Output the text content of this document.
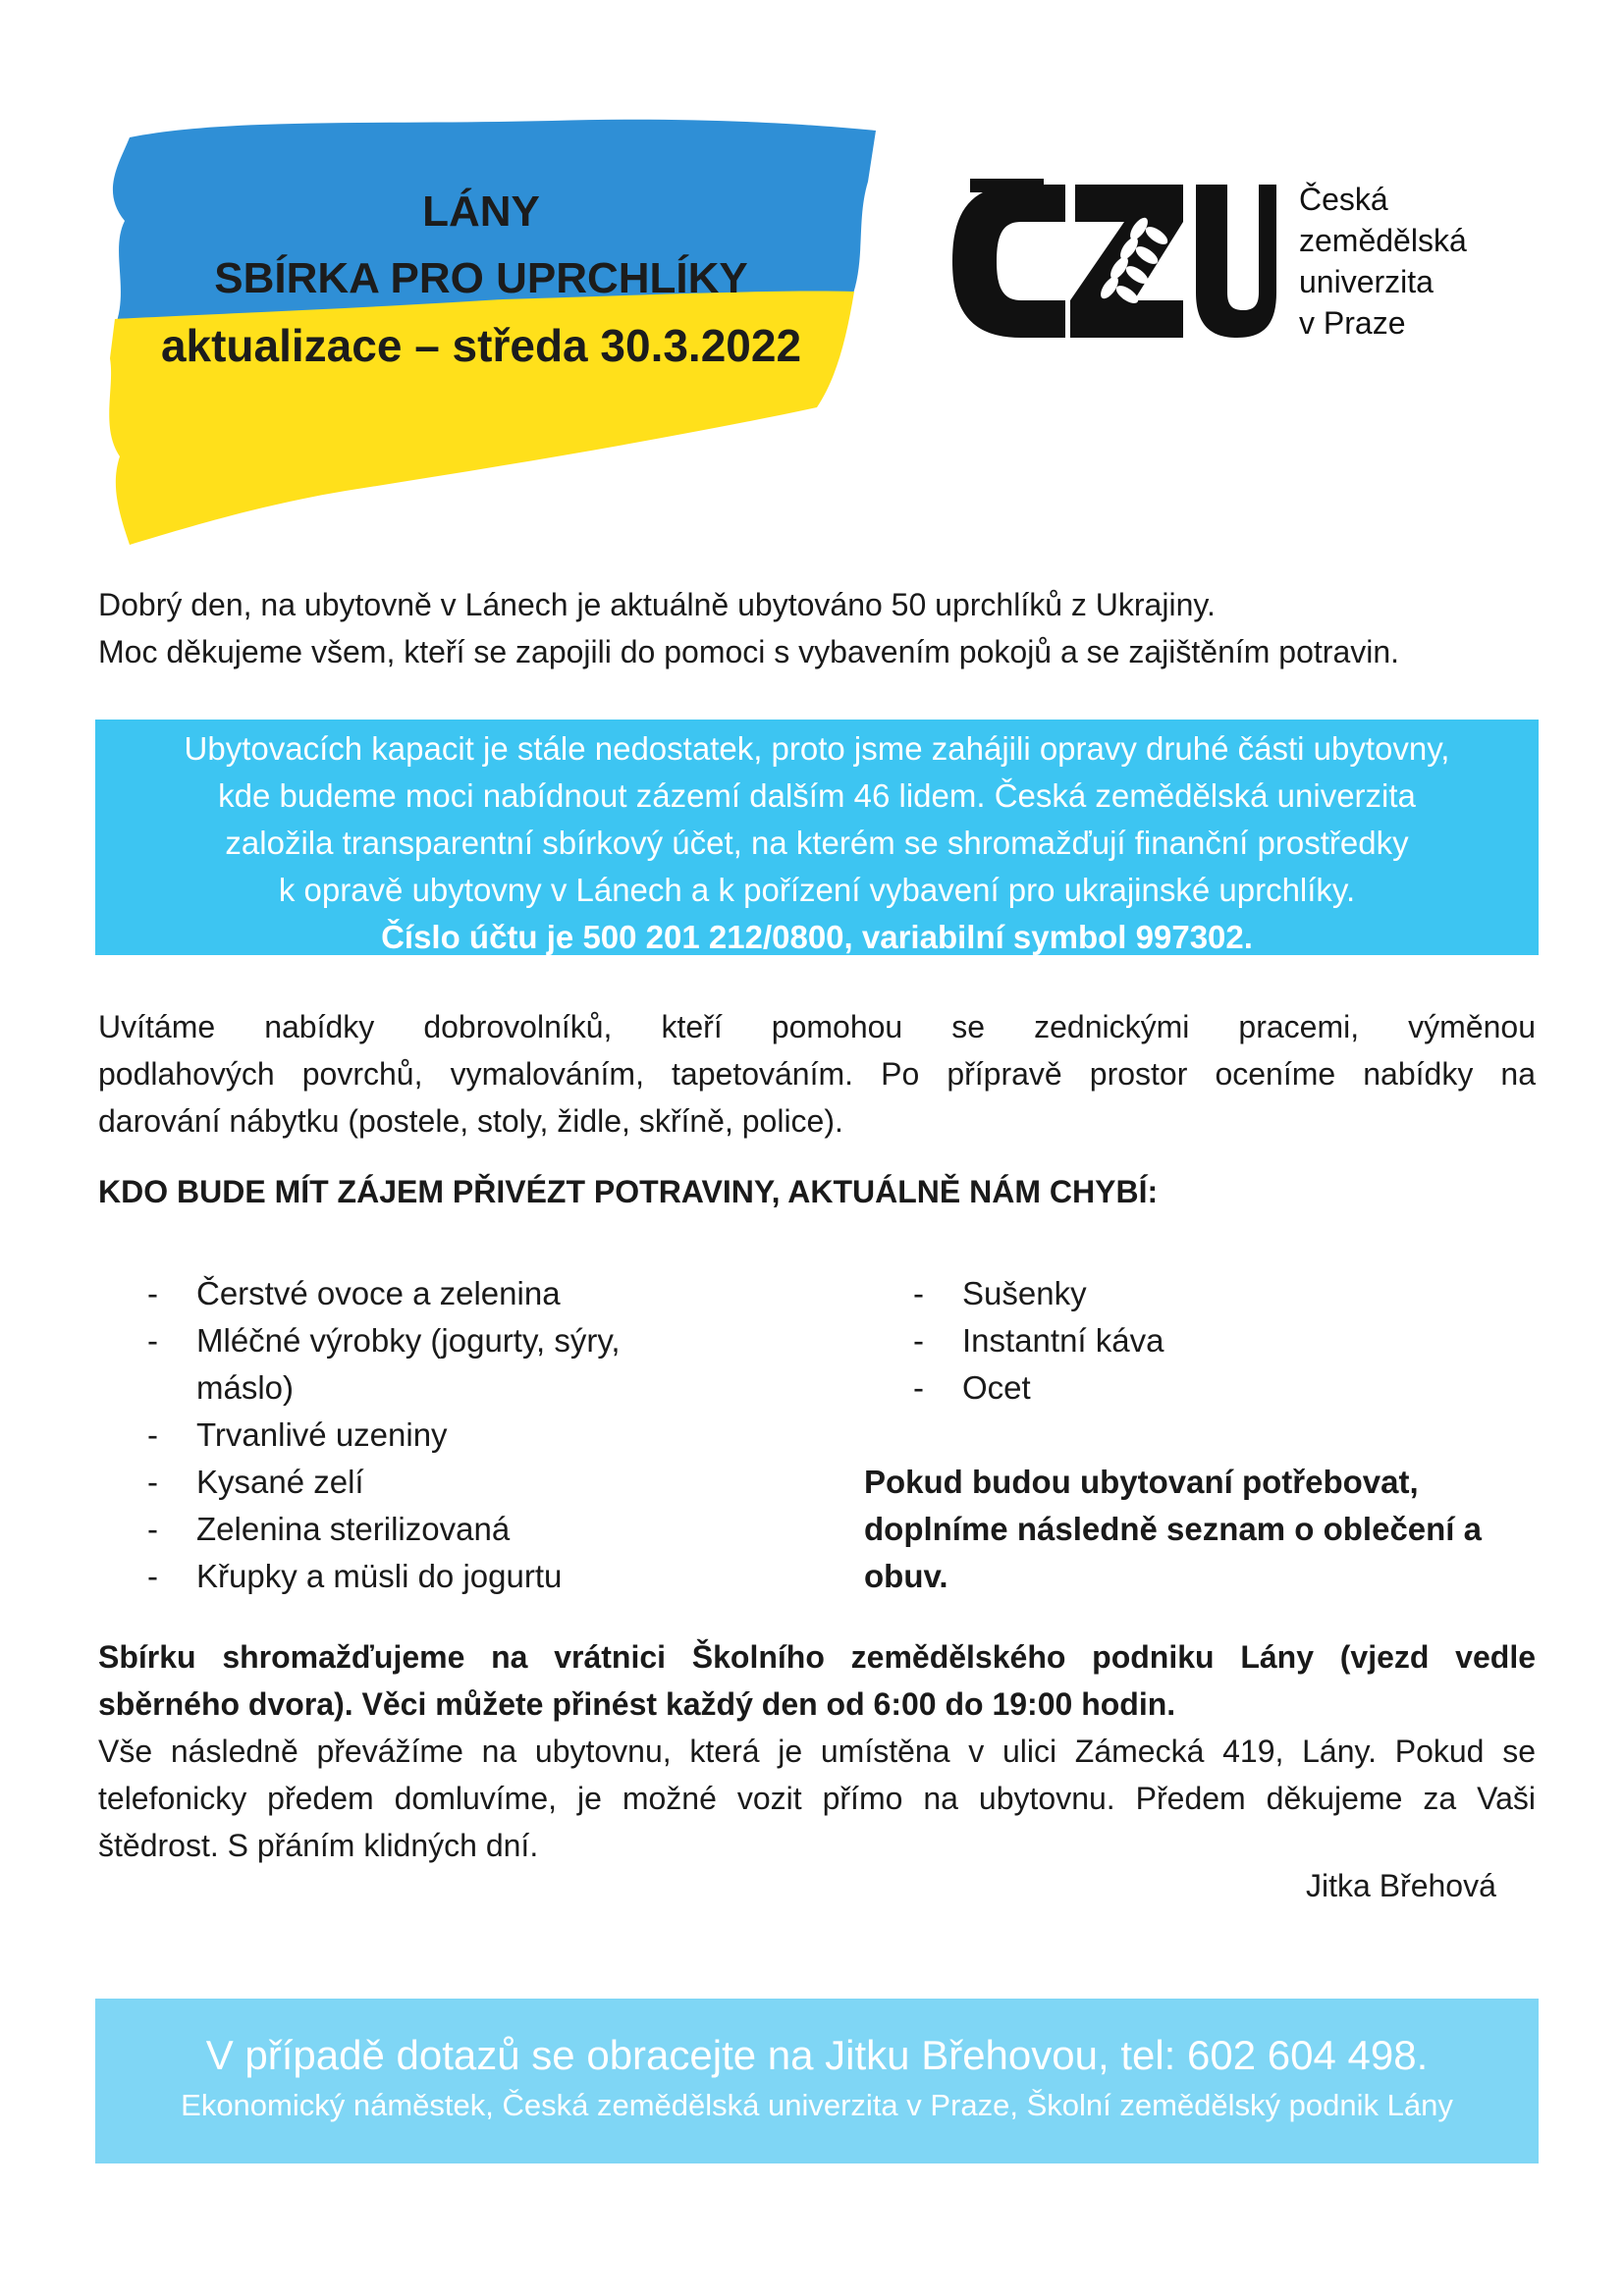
LÁNY
SBÍRKA PRO UPRCHLÍKY
aktualizace – středa 30.3.2022
Česká
zemědělská
univerzita
v Praze
Dobrý den, na ubytovně v Lánech je aktuálně ubytováno 50 uprchlíků z Ukrajiny.
Moc děkujeme všem, kteří se zapojili do pomoci s vybavením pokojů a se zajištěním potravin.
Ubytovacích kapacit je stále nedostatek, proto jsme zahájili opravy druhé části ubytovny,
kde budeme moci nabídnout zázemí dalším 46 lidem. Česká zemědělská univerzita
založila transparentní sbírkový účet, na kterém se shromažďují finanční prostředky
k opravě ubytovny v Lánech a k pořízení vybavení pro ukrajinské uprchlíky.
Číslo účtu je 500 201 212/0800, variabilní symbol 997302.
Uvítáme nabídky dobrovolníků, kteří pomohou se zednickými pracemi, výměnou
podlahových povrchů, vymalováním, tapetováním. Po přípravě prostor oceníme nabídky na
darování nábytku (postele, stoly, židle, skříně, police).
KDO BUDE MÍT ZÁJEM PŘIVÉZT POTRAVINY, AKTUÁLNĚ NÁM CHYBÍ:
- Čerstvé ovoce a zelenina
- Mléčné výrobky (jogurty, sýry,
máslo)
- Trvanlivé uzeniny
- Kysané zelí
- Zelenina sterilizovaná
- Křupky a müsli do jogurtu
- Sušenky
- Instantní káva
- Ocet
Pokud budou ubytovaní potřebovat,
doplníme následně seznam o oblečení a
obuv.
Sbírku shromažďujeme na vrátnici Školního zemědělského podniku Lány (vjezd vedle
sběrného dvora). Věci můžete přinést každý den od 6:00 do 19:00 hodin.
Vše následně převážíme na ubytovnu, která je umístěna v ulici Zámecká 419, Lány. Pokud se
telefonicky předem domluvíme, je možné vozit přímo na ubytovnu. Předem děkujeme za Vaši
štědrost. S přáním klidných dní.
Jitka Břehová
V případě dotazů se obracejte na Jitku Břehovou, tel: 602 604 498.
Ekonomický náměstek, Česká zemědělská univerzita v Praze, Školní zemědělský podnik Lány
